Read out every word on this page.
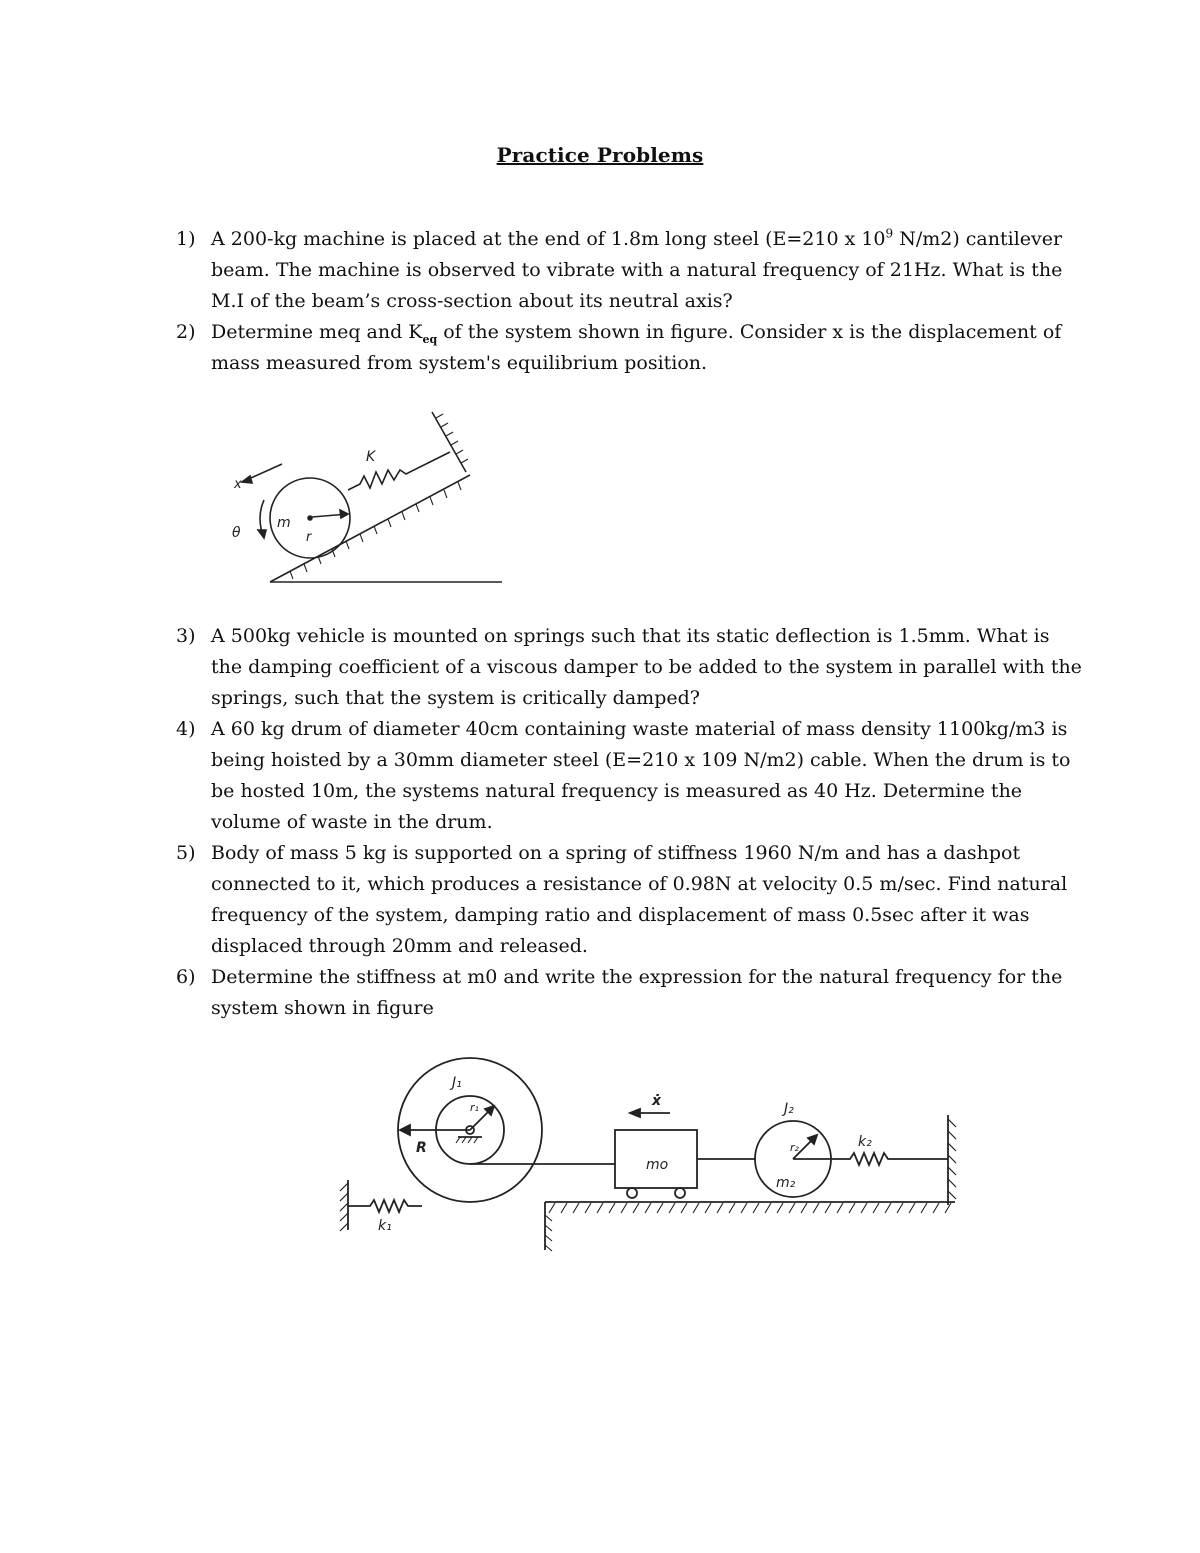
Practice Problems
1) A 200-kg machine is placed at the end of 1.8m long steel (E=210 x $10^9$ N/m2) cantilever
beam. The machine is observed to vibrate with a natural frequency of 21Hz. What is the
M.I of the beam’s cross-section about its neutral axis?
2) Determine meq and $K_{eq}$ of the system shown in figure. Consider x is the displacement of
mass measured from system's equilibrium position.
x
θ
m
r
K
3) A 500kg vehicle is mounted on springs such that its static deflection is 1.5mm. What is
the damping coefficient of a viscous damper to be added to the system in parallel with the
springs, such that the system is critically damped?
4) A 60 kg drum of diameter 40cm containing waste material of mass density 1100kg/m3 is
being hoisted by a 30mm diameter steel (E=210 x 109 N/m2) cable. When the drum is to
be hosted 10m, the systems natural frequency is measured as 40 Hz. Determine the
volume of waste in the drum.
5) Body of mass 5 kg is supported on a spring of stiffness 1960 N/m and has a dashpot
connected to it, which produces a resistance of 0.98N at velocity 0.5 m/sec. Find natural
frequency of the system, damping ratio and displacement of mass 0.5sec after it was
displaced through 20mm and released.
6) Determine the stiffness at m0 and write the expression for the natural frequency for the
system shown in figure
J₁
r₁
R
ẋ
mo
J₂
r₂
m₂
k₂
k₁
